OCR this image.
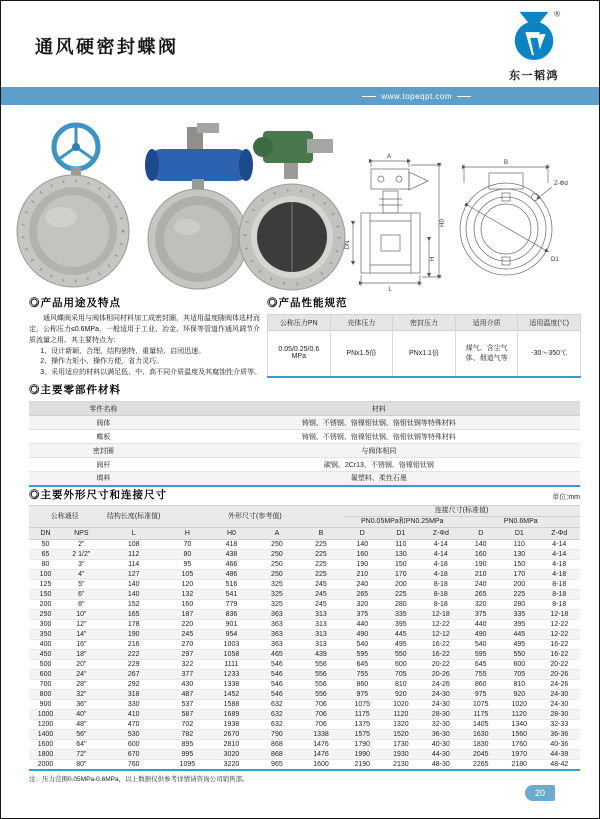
通风硬密封蝶阀
®
东一韬鸿
www.topeqpt.com
A
H0
DN
H
L
B
Z-Φd
D1
◎产品用途及特点

通风蝶阀采用与阀体相同材料加工成密封圈，其适用温度随阀体选材而定，公称压力≤0.6MPa，一般适用于工业、冶金、环保等管道作通风调节介质流量之用。其主要特点为：

1、设计新颖、合理、结构独特、重量轻、启闭迅速。

2、操作力矩小、操作方便，省力灵巧。

3、采用适应的材料以满足低、中、高不同介质温度及其腐蚀性介质等。

◎产品性能规范
公称压力PN	壳体压力	密封压力	适用介质	适用温度(℃)
0.05/0.25/0.6 MPa	PNx1.5倍	PNx1.1倍	煤气、含尘气体、烟道气等	-30～350℃
◎主要零部件材料
零件名称	材料
阀体	铸钢、不锈钢、铬镍钼钛钢、铬钼钛钢等特殊材料
蝶板	铸钢、不锈钢、铬镍钼钛钢、铬钼钛钢等特殊材料
密封圈	与阀体相同
阀杆	碳钢、2Cr13、不锈钢、铬镍钼钛钢
填料	氟塑料、柔性石墨
◎主要外形尺寸和连接尺寸	单位:mm
公称通径		结构长度(标准值)	外形尺寸(参考值)				连接尺寸(标准值)					
							PN0.05MPa和PN0.25MPa			PN0.6MPa		
DN	NPS	L	H	H0	A	B	D	D1	Z-Φd	D	D1	Z-Φd
50	2"	108	70	418	250	225	140	110	4-14	140	110	4-14
65	2 1/2"	112	80	438	250	225	160	130	4-14	160	130	4-14
80	3"	114	95	466	250	225	190	150	4-18	190	150	4-18
100	4"	127	105	486	250	225	210	170	4-18	210	170	4-18
125	5"	140	120	516	325	245	240	200	8-18	240	200	8-18
150	6"	140	132	541	325	245	265	225	8-18	265	225	8-18
200	8"	152	160	779	325	245	320	280	8-18	320	280	8-18
250	10"	165	187	836	363	313	375	335	12-18	375	335	12-18
300	12"	178	220	901	363	313	440	395	12-22	440	395	12-22
350	14"	190	245	954	363	313	490	445	12-12	490	445	12-22
400	16"	216	270	1003	363	313	540	495	16-22	540	495	16-22
450	18"	222	297	1058	465	439	595	550	16-22	595	550	16-22
500	20"	229	322	1111	546	556	645	600	20-22	645	600	20-22
600	24"	267	377	1233	546	556	755	705	20-26	755	705	20-26
700	28"	292	430	1338	546	556	860	810	24-26	860	810	24-26
800	32"	318	487	1452	546	556	975	920	24-30	975	920	24-30
900	36"	330	537	1588	632	706	1075	1020	24-30	1075	1020	24-30
1000	40"	410	587	1689	632	706	1175	1120	28-30	1175	1120	28-30
1200	48"	470	702	1938	632	706	1375	1320	32-30	1405	1340	32-33
1400	56"	530	782	2670	790	1338	1575	1520	36-30	1630	1560	36-36
1600	64"	600	895	2810	868	1476	1790	1730	40-30	1830	1760	40-36
1800	72"	670	995	3020	868	1476	1990	1930	44-30	2045	1970	44-39
2000	80"	760	1095	3220	965	1600	2190	2130	48-30	2265	2180	48-42
注：压力范围0.05MPa-0.6MPa，以上数据仅供参考详情请咨询公司销售部。
20
